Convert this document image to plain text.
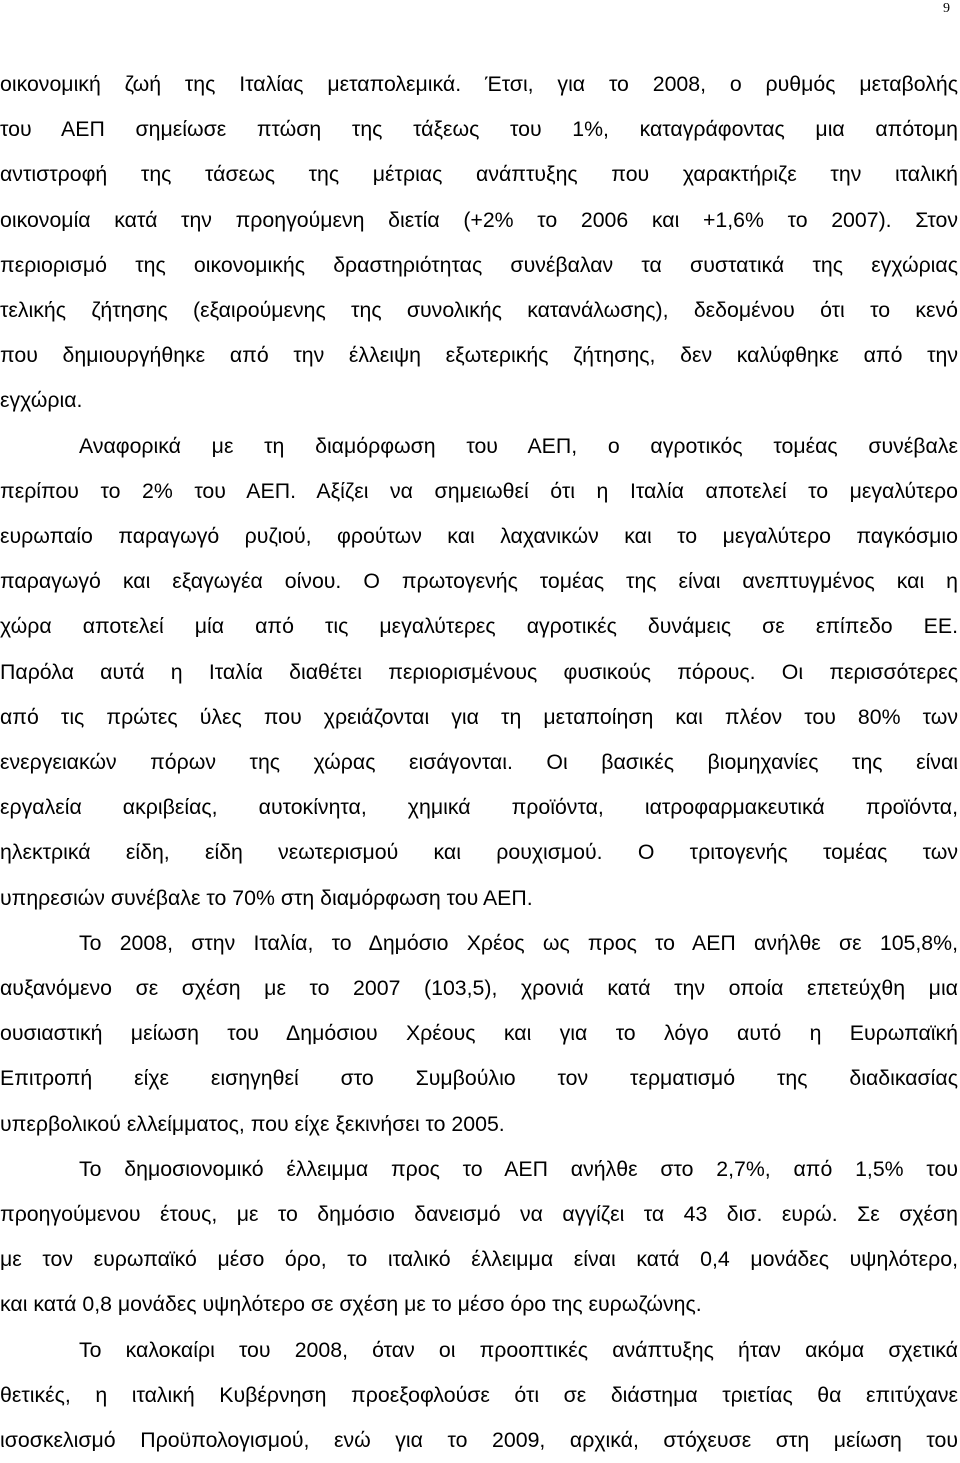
9
οικονομική ζωή της Ιταλίας μεταπολεμικά. Έτσι, για το 2008, ο ρυθμός μεταβολής
του ΑΕΠ σημείωσε πτώση της τάξεως του 1%, καταγράφοντας μια απότομη
αντιστροφή της τάσεως της μέτριας ανάπτυξης που χαρακτήριζε την ιταλική
οικονομία κατά την προηγούμενη διετία (+2% το 2006 και +1,6% το 2007). Στον
περιορισμό της οικονομικής δραστηριότητας συνέβαλαν τα συστατικά της εγχώριας
τελικής ζήτησης (εξαιρούμενης της συνολικής κατανάλωσης), δεδομένου ότι το κενό
που δημιουργήθηκε από την έλλειψη εξωτερικής ζήτησης, δεν καλύφθηκε από την
εγχώρια.
Αναφορικά με τη διαμόρφωση του ΑΕΠ, ο αγροτικός τομέας συνέβαλε
περίπου το 2% του ΑΕΠ. Αξίζει να σημειωθεί ότι η Ιταλία αποτελεί το μεγαλύτερο
ευρωπαίο παραγωγό ρυζιού, φρούτων και λαχανικών και το μεγαλύτερο παγκόσμιο
παραγωγό και εξαγωγέα οίνου. Ο πρωτογενής τομέας της είναι ανεπτυγμένος και η
χώρα αποτελεί μία από τις μεγαλύτερες αγροτικές δυνάμεις σε επίπεδο ΕΕ.
Παρόλα αυτά η Ιταλία διαθέτει περιορισμένους φυσικούς πόρους. Οι περισσότερες
από τις πρώτες ύλες που χρειάζονται για τη μεταποίηση και πλέον του 80% των
ενεργειακών πόρων της χώρας εισάγονται. Οι βασικές βιομηχανίες της είναι
εργαλεία ακριβείας, αυτοκίνητα, χημικά προϊόντα, ιατροφαρμακευτικά προϊόντα,
ηλεκτρικά είδη, είδη νεωτερισμού και ρουχισμού. Ο τριτογενής τομέας των
υπηρεσιών συνέβαλε το 70% στη διαμόρφωση του ΑΕΠ.
Το 2008, στην Ιταλία, το Δημόσιο Χρέος ως προς το ΑΕΠ ανήλθε σε 105,8%,
αυξανόμενο σε σχέση με το 2007 (103,5), χρονιά κατά την οποία επετεύχθη μια
ουσιαστική μείωση του Δημόσιου Χρέους και για το λόγο αυτό η Ευρωπαϊκή
Επιτροπή είχε εισηγηθεί στο Συμβούλιο τον τερματισμό της διαδικασίας
υπερβολικού ελλείμματος, που είχε ξεκινήσει το 2005.
Το δημοσιονομικό έλλειμμα προς το ΑΕΠ ανήλθε στο 2,7%, από 1,5% του
προηγούμενου έτους, με το δημόσιο δανεισμό να αγγίζει τα 43 δισ. ευρώ. Σε σχέση
με τον ευρωπαϊκό μέσο όρο, το ιταλικό έλλειμμα είναι κατά 0,4 μονάδες υψηλότερο,
και κατά 0,8 μονάδες υψηλότερο σε σχέση με το μέσο όρο της ευρωζώνης.
Το καλοκαίρι του 2008, όταν οι προοπτικές ανάπτυξης ήταν ακόμα σχετικά
θετικές, η ιταλική Κυβέρνηση προεξοφλούσε ότι σε διάστημα τριετίας θα επιτύχανε
ισοσκελισμό Προϋπολογισμού, ενώ για το 2009, αρχικά, στόχευσε στη μείωση του
